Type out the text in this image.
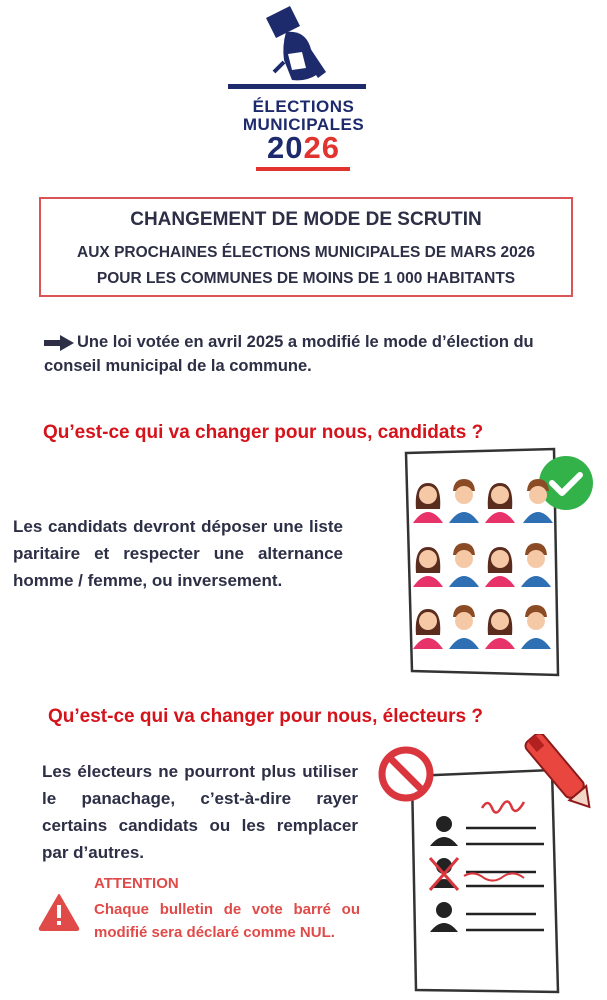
ÉLECTIONS
MUNICIPALES
2026
CHANGEMENT DE MODE DE SCRUTIN
AUX PROCHAINES ÉLECTIONS MUNICIPALES DE MARS 2026
POUR LES COMMUNES DE MOINS DE 1 000 HABITANTS
Une loi votée en avril 2025 a modifié le mode d’élection du conseil municipal de la commune.
Qu’est-ce qui va changer pour nous, candidats ?
Les candidats devront déposer une liste paritaire et respecter une alternance homme / femme, ou inversement.
Qu’est-ce qui va changer pour nous, électeurs ?
Les électeurs ne pourront plus utiliser le panachage, c’est-à-dire rayer certains candidats ou les remplacer par d’autres.
ATTENTION
Chaque bulletin de vote barré ou modifié sera déclaré comme NUL.
